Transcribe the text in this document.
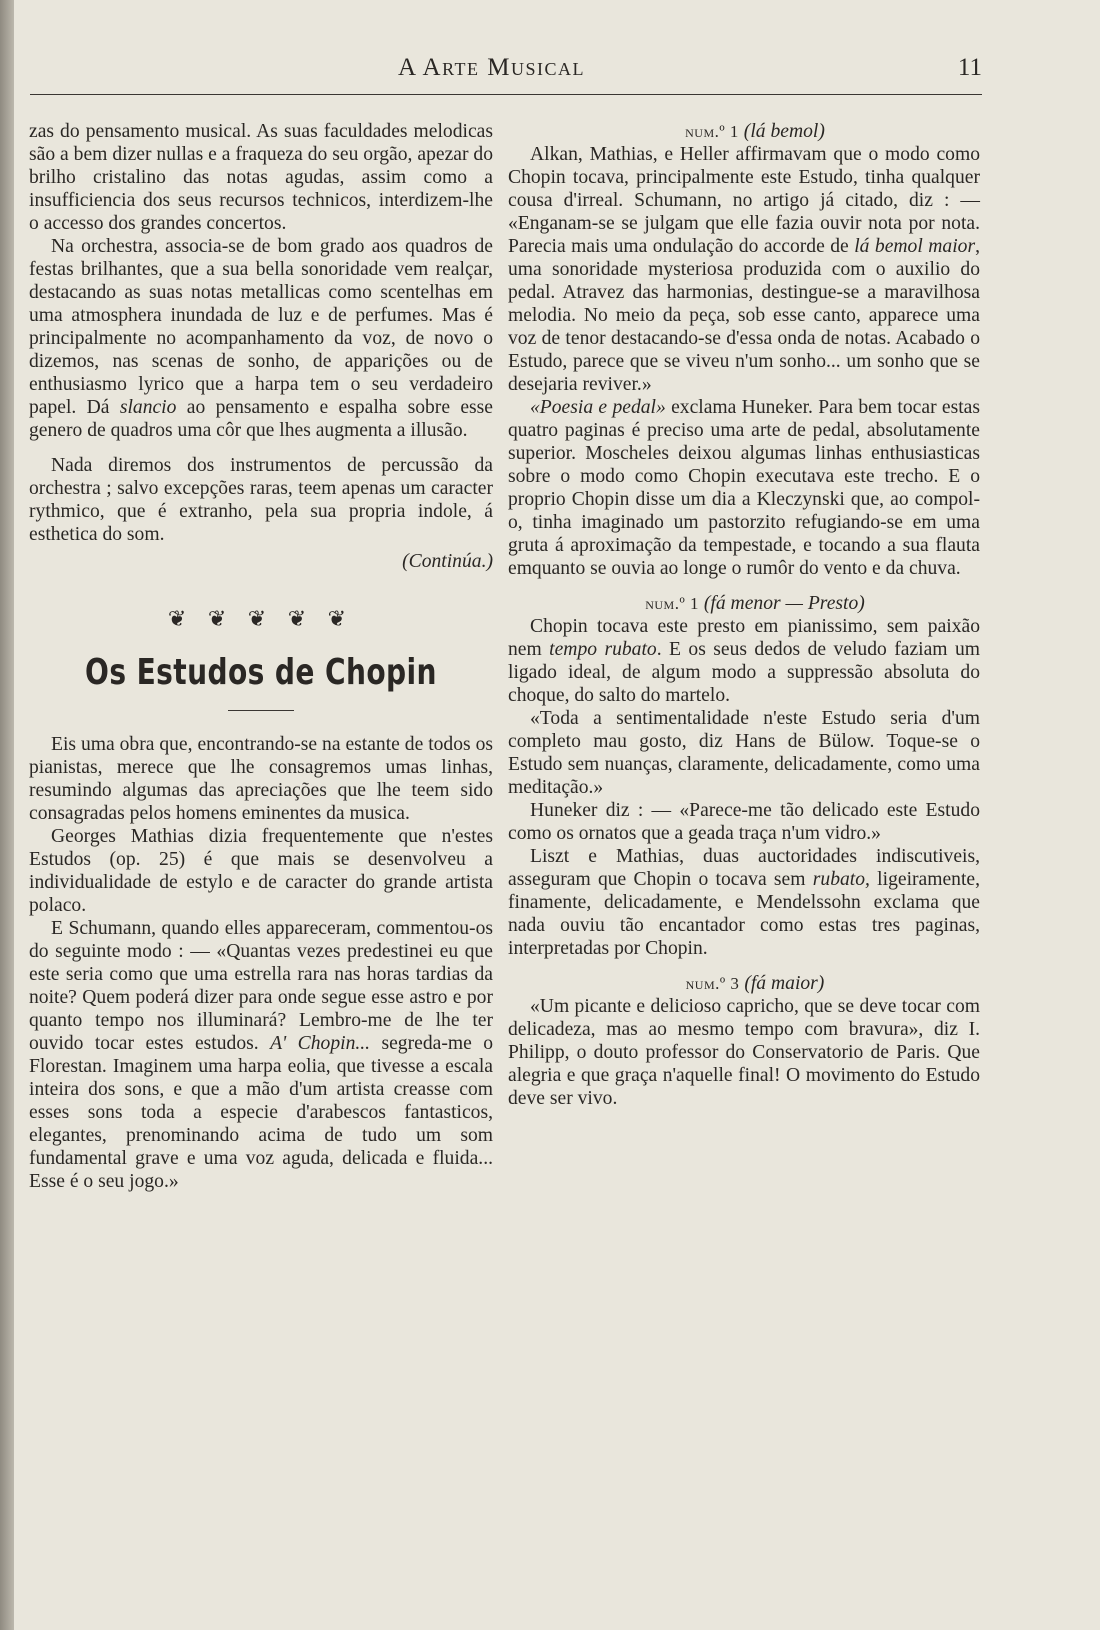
A Arte Musical	11

zas do pensamento musical. As suas faculdades melodicas são a bem dizer nullas e a fraqueza do seu orgão, apezar do brilho cristalino das notas agudas, assim como a insufficiencia dos seus recursos technicos, interdizem-lhe o accesso dos grandes concertos.

Na orchestra, associa-se de bom grado aos quadros de festas brilhantes, que a sua bella sonoridade vem realçar, destacando as suas notas metallicas como scentelhas em uma atmosphera inundada de luz e de perfumes. Mas é principalmente no acompanhamento da voz, de novo o dizemos, nas scenas de sonho, de apparições ou de enthusiasmo lyrico que a harpa tem o seu verdadeiro papel. Dá slancio ao pensamento e espalha sobre esse genero de quadros uma côr que lhes augmenta a illusão.

Nada diremos dos instrumentos de percussão da orchestra ; salvo excepções raras, teem apenas um caracter rythmico, que é extranho, pela sua propria indole, á esthetica do som.

(Continúa.)

❦ ❦ ❦ ❦ ❦
Os Estudos de Chopin

Eis uma obra que, encontrando-se na estante de todos os pianistas, merece que lhe consagremos umas linhas, resumindo algumas das apreciações que lhe teem sido consagradas pelos homens eminentes da musica.

Georges Mathias dizia frequentemente que n'estes Estudos (op. 25) é que mais se desenvolveu a individualidade de estylo e de caracter do grande artista polaco.

E Schumann, quando elles appareceram, commentou-os do seguinte modo : — «Quantas vezes predestinei eu que este seria como que uma estrella rara nas horas tardias da noite? Quem poderá dizer para onde segue esse astro e por quanto tempo nos illuminará? Lembro-me de lhe ter ouvido tocar estes estudos. A' Chopin... segreda-me o Florestan. Imaginem uma harpa eolia, que tivesse a escala inteira dos sons, e que a mão d'um artista creasse com esses sons toda a especie d'arabescos fantasticos, elegantes, prenominando acima de tudo um som fundamental grave e uma voz aguda, delicada e fluida... Esse é o seu jogo.»

num.º 1 (lá bemol)

Alkan, Mathias, e Heller affirmavam que o modo como Chopin tocava, principalmente este Estudo, tinha qualquer cousa d'irreal. Schumann, no artigo já citado, diz : — «Enganam-se se julgam que elle fazia ouvir nota por nota. Parecia mais uma ondulação do accorde de lá bemol maior, uma sonoridade mysteriosa produzida com o auxilio do pedal. Atravez das harmonias, destingue-se a maravilhosa melodia. No meio da peça, sob esse canto, apparece uma voz de tenor destacando-se d'essa onda de notas. Acabado o Estudo, parece que se viveu n'um sonho... um sonho que se desejaria reviver.»

«Poesia e pedal» exclama Huneker. Para bem tocar estas quatro paginas é preciso uma arte de pedal, absolutamente superior. Moscheles deixou algumas linhas enthusiasticas sobre o modo como Chopin executava este trecho. E o proprio Chopin disse um dia a Kleczynski que, ao compol-o, tinha imaginado um pastorzito refugiando-se em uma gruta á aproximação da tempestade, e tocando a sua flauta emquanto se ouvia ao longe o rumôr do vento e da chuva.

num.º 1 (fá menor — Presto)

Chopin tocava este presto em pianissimo, sem paixão nem tempo rubato. E os seus dedos de veludo faziam um ligado ideal, de algum modo a suppressão absoluta do choque, do salto do martelo.

«Toda a sentimentalidade n'este Estudo seria d'um completo mau gosto, diz Hans de Bülow. Toque-se o Estudo sem nuanças, claramente, delicadamente, como uma meditação.»

Huneker diz : — «Parece-me tão delicado este Estudo como os ornatos que a geada traça n'um vidro.»

Liszt e Mathias, duas auctoridades indiscutiveis, asseguram que Chopin o tocava sem rubato, ligeiramente, finamente, delicadamente, e Mendelssohn exclama que nada ouviu tão encantador como estas tres paginas, interpretadas por Chopin.

num.º 3 (fá maior)

«Um picante e delicioso capricho, que se deve tocar com delicadeza, mas ao mesmo tempo com bravura», diz I. Philipp, o douto professor do Conservatorio de Paris. Que alegria e que graça n'aquelle final! O movimento do Estudo deve ser vivo.
